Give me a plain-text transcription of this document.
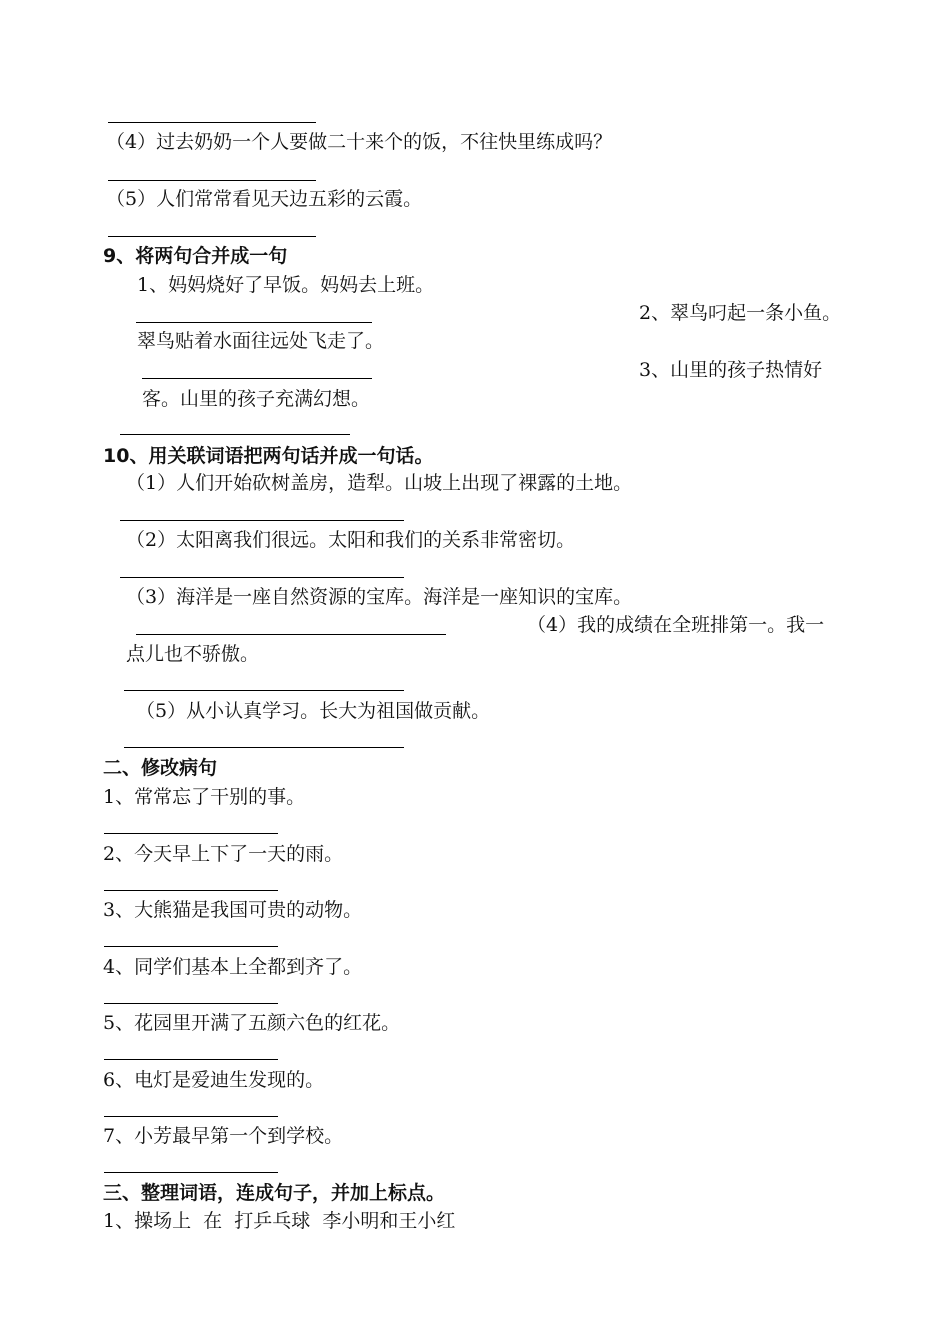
（4）过去奶奶一个人要做二十来个的饭，不往快里练成吗？
（5）人们常常看见天边五彩的云霞。
9、将两句合并成一句
1、妈妈烧好了早饭。妈妈去上班。
2、翠鸟叼起一条小鱼。
翠鸟贴着水面往远处飞走了。
3、山里的孩子热情好
客。山里的孩子充满幻想。
10、用关联词语把两句话并成一句话。
（1）人们开始砍树盖房，造犁。山坡上出现了裸露的土地。
（2）太阳离我们很远。太阳和我们的关系非常密切。
（3）海洋是一座自然资源的宝库。海洋是一座知识的宝库。
（4）我的成绩在全班排第一。我一
点儿也不骄傲。
（5）从小认真学习。长大为祖国做贡献。
二、修改病句
1、常常忘了干别的事。
2、今天早上下了一天的雨。
3、大熊猫是我国可贵的动物。
4、同学们基本上全都到齐了。
5、花园里开满了五颜六色的红花。
6、电灯是爱迪生发现的。
7、小芳最早第一个到学校。
三、整理词语，连成句子，并加上标点。
1、操场上  在  打乒乓球  李小明和王小红
